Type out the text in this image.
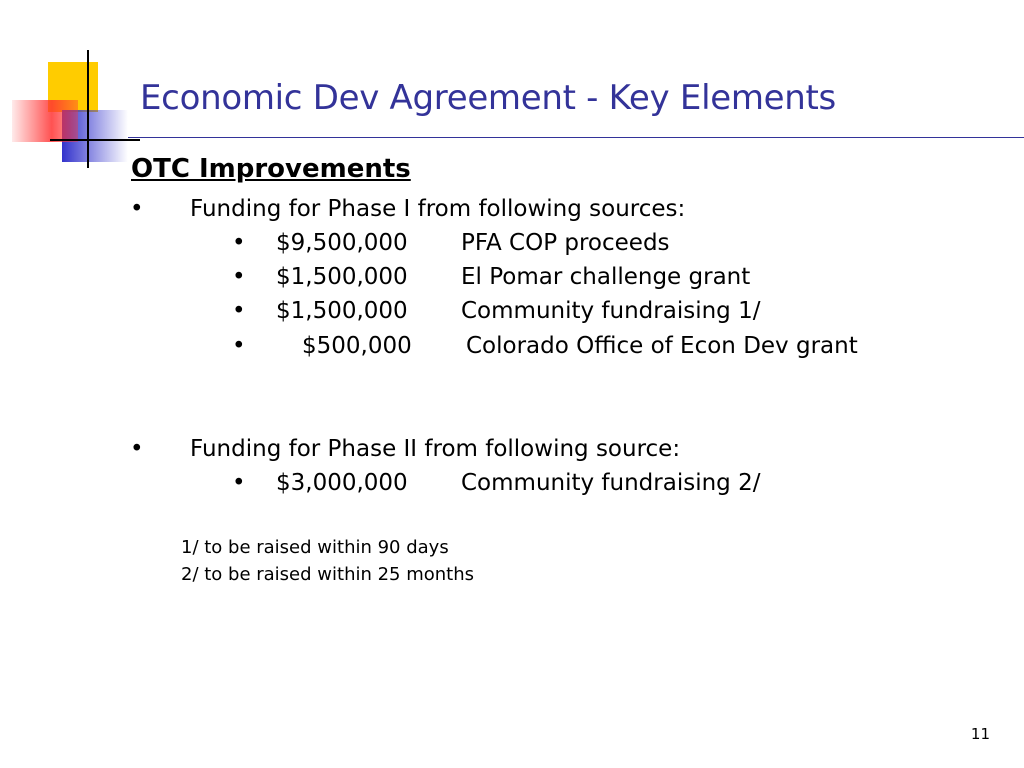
Economic Dev Agreement - Key Elements
OTC Improvements
• Funding for Phase I from following sources:
• $9,500,000 PFA COP proceeds
• $1,500,000 El Pomar challenge grant
• $1,500,000 Community fundraising 1/
• $500,000 Colorado Office of Econ Dev grant
• Funding for Phase II from following source:
• $3,000,000 Community fundraising 2/
1/ to be raised within 90 days
2/ to be raised within 25 months
11
